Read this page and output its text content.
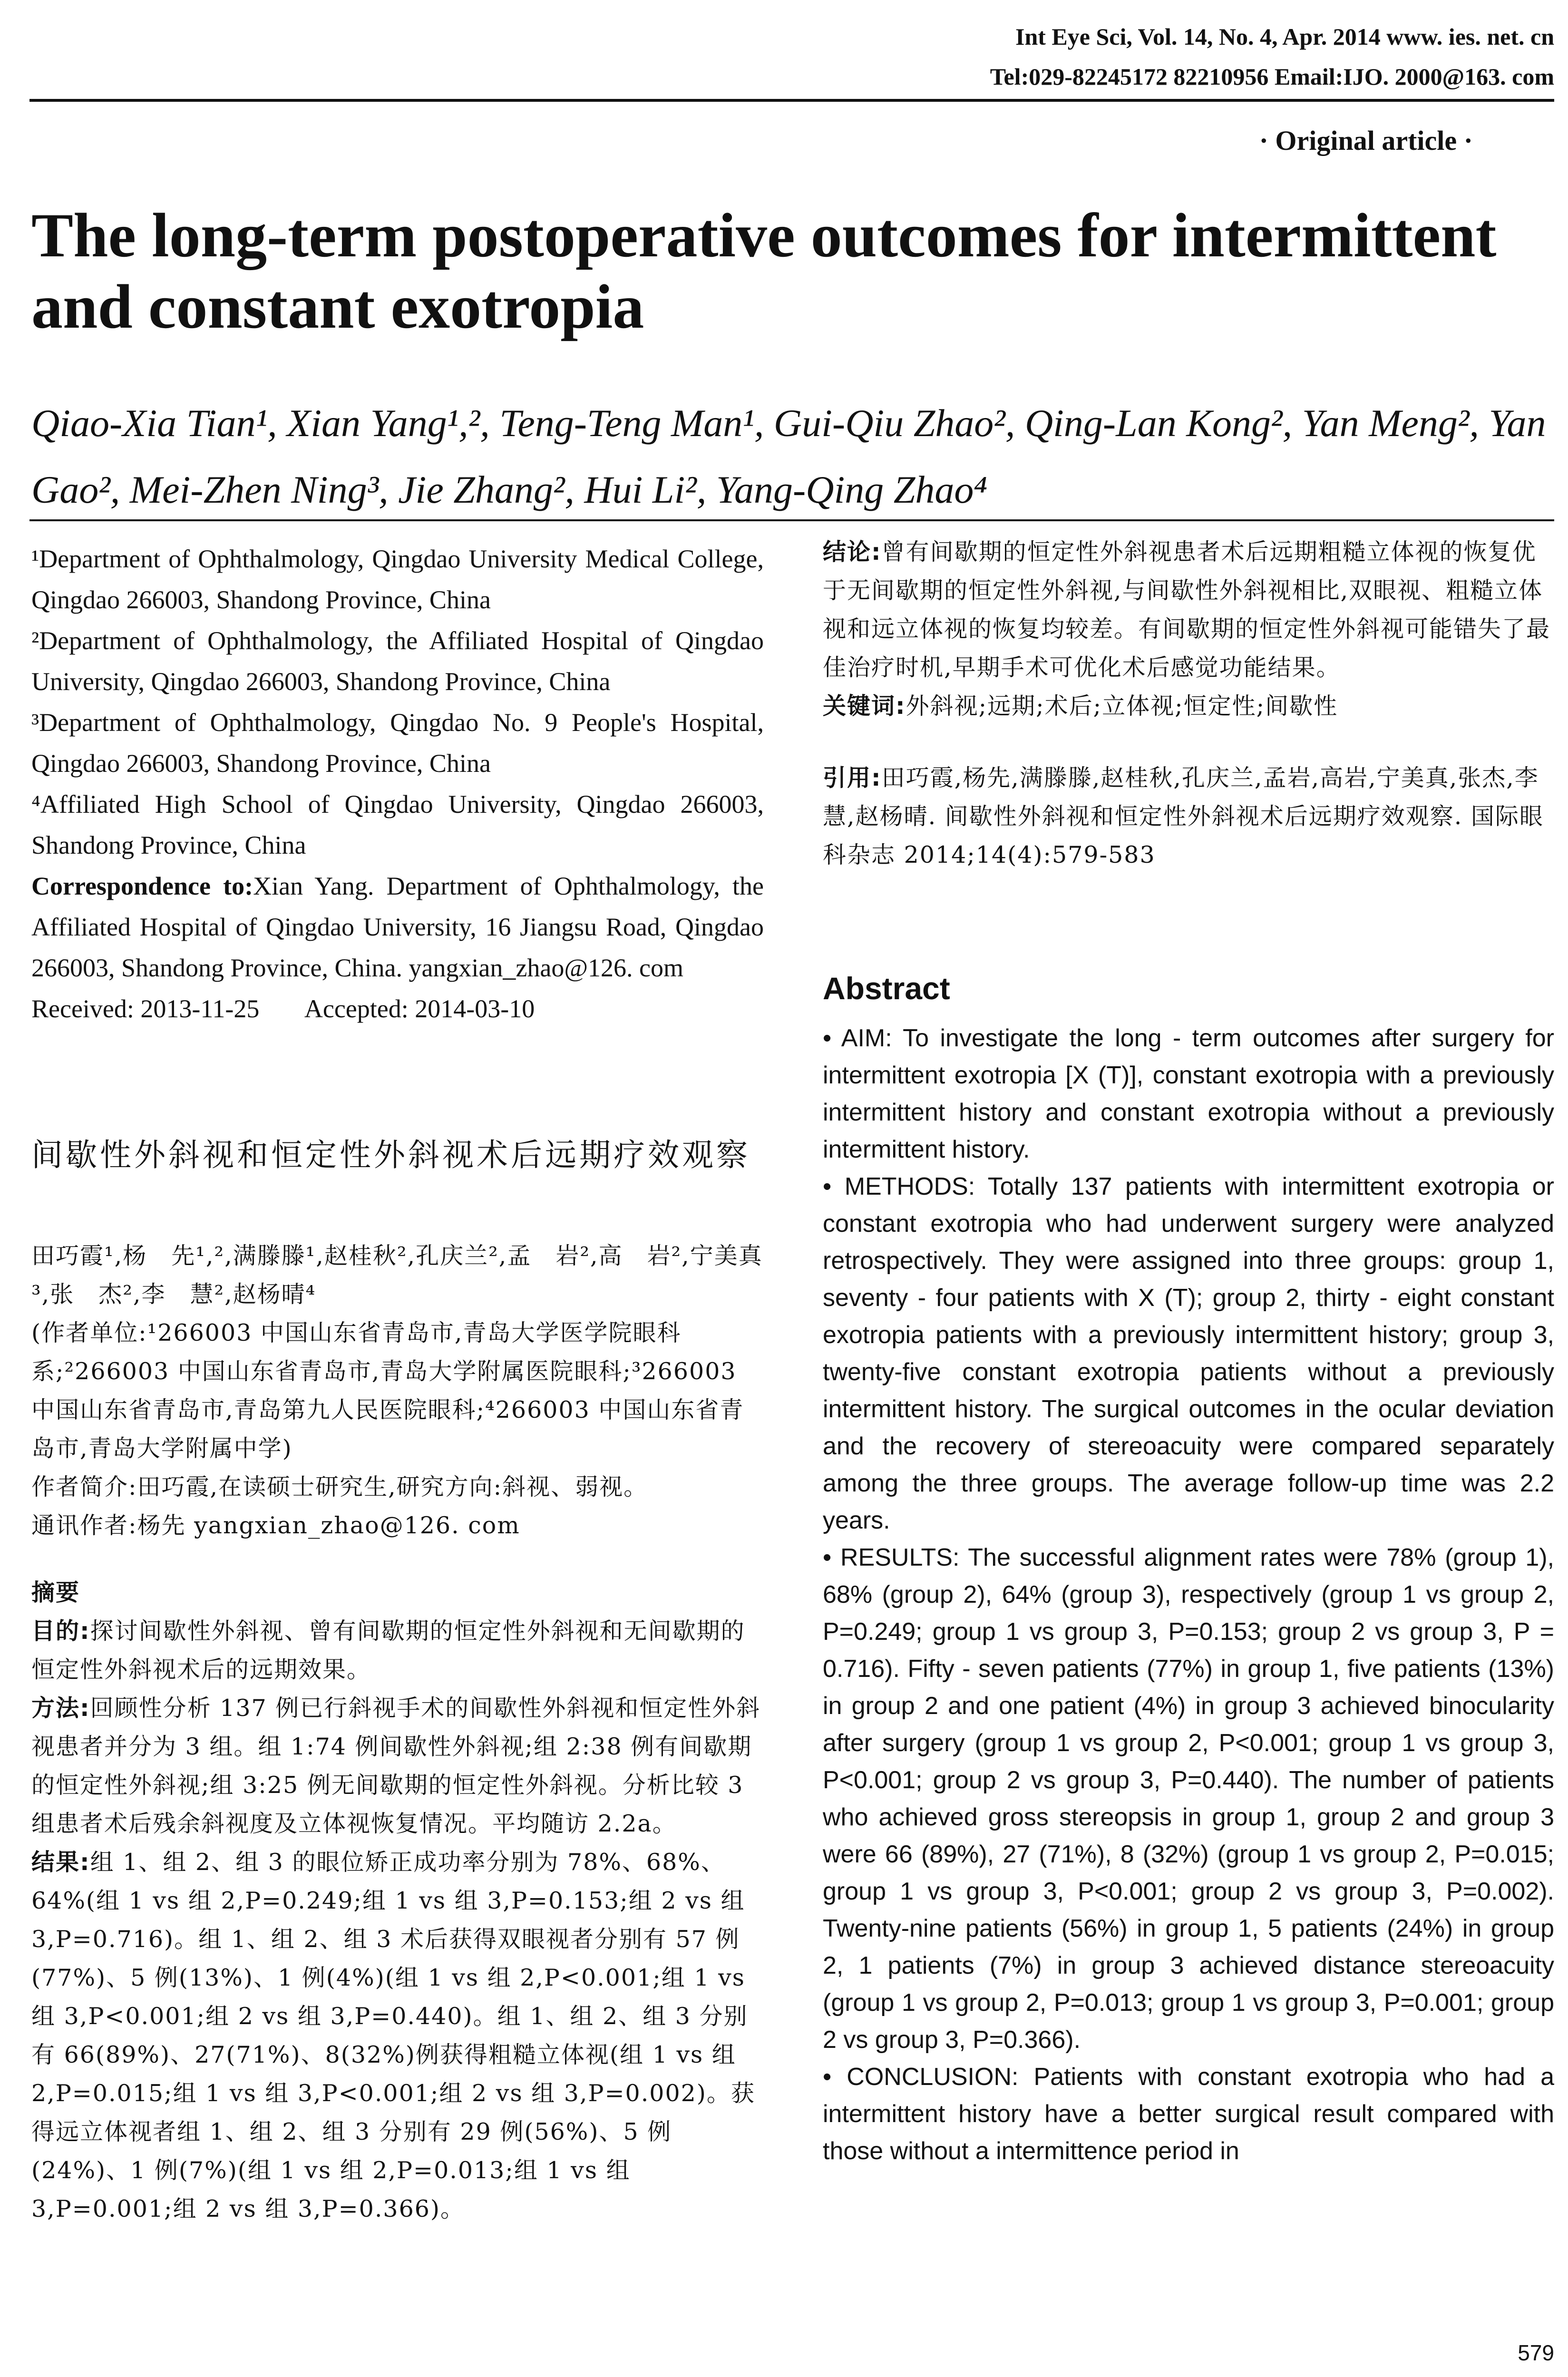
Int Eye Sci, Vol. 14, No. 4, Apr. 2014 www. ies. net. cn
Tel:029-82245172 82210956 Email:IJO. 2000@163. com
· Original article ·
The long-term postoperative outcomes for intermittent and constant exotropia
Qiao-Xia Tian¹, Xian Yang¹,², Teng-Teng Man¹, Gui-Qiu Zhao², Qing-Lan Kong², Yan Meng², Yan Gao², Mei-Zhen Ning³, Jie Zhang², Hui Li², Yang-Qing Zhao⁴

¹Department of Ophthalmology, Qingdao University Medical College, Qingdao 266003, Shandong Province, China

²Department of Ophthalmology, the Affiliated Hospital of Qingdao University, Qingdao 266003, Shandong Province, China

³Department of Ophthalmology, Qingdao No. 9 People's Hospital, Qingdao 266003, Shandong Province, China

⁴Affiliated High School of Qingdao University, Qingdao 266003, Shandong Province, China

Correspondence to:Xian Yang. Department of Ophthalmology, the Affiliated Hospital of Qingdao University, 16 Jiangsu Road, Qingdao 266003, Shandong Province, China. yangxian_zhao@126. com

Received: 2013-11-25 Accepted: 2014-03-10

间歇性外斜视和恒定性外斜视术后远期疗效观察

田巧霞¹,杨　先¹,²,满滕滕¹,赵桂秋²,孔庆兰²,孟　岩²,高　岩²,宁美真³,张　杰²,李　慧²,赵杨晴⁴

(作者单位:¹266003 中国山东省青岛市,青岛大学医学院眼科系;²266003 中国山东省青岛市,青岛大学附属医院眼科;³266003 中国山东省青岛市,青岛第九人民医院眼科;⁴266003 中国山东省青岛市,青岛大学附属中学)

作者简介:田巧霞,在读硕士研究生,研究方向:斜视、弱视。

通讯作者:杨先 yangxian_zhao@126. com

摘要

目的:探讨间歇性外斜视、曾有间歇期的恒定性外斜视和无间歇期的恒定性外斜视术后的远期效果。

方法:回顾性分析 137 例已行斜视手术的间歇性外斜视和恒定性外斜视患者并分为 3 组。组 1:74 例间歇性外斜视;组 2:38 例有间歇期的恒定性外斜视;组 3:25 例无间歇期的恒定性外斜视。分析比较 3 组患者术后残余斜视度及立体视恢复情况。平均随访 2.2a。

结果:组 1、组 2、组 3 的眼位矫正成功率分别为 78%、68%、64%(组 1 vs 组 2,P=0.249;组 1 vs 组 3,P=0.153;组 2 vs 组 3,P=0.716)。组 1、组 2、组 3 术后获得双眼视者分别有 57 例(77%)、5 例(13%)、1 例(4%)(组 1 vs 组 2,P<0.001;组 1 vs 组 3,P<0.001;组 2 vs 组 3,P=0.440)。组 1、组 2、组 3 分别有 66(89%)、27(71%)、8(32%)例获得粗糙立体视(组 1 vs 组 2,P=0.015;组 1 vs 组 3,P<0.001;组 2 vs 组 3,P=0.002)。获得远立体视者组 1、组 2、组 3 分别有 29 例(56%)、5 例(24%)、1 例(7%)(组 1 vs 组 2,P=0.013;组 1 vs 组 3,P=0.001;组 2 vs 组 3,P=0.366)。

结论:曾有间歇期的恒定性外斜视患者术后远期粗糙立体视的恢复优于无间歇期的恒定性外斜视,与间歇性外斜视相比,双眼视、粗糙立体视和远立体视的恢复均较差。有间歇期的恒定性外斜视可能错失了最佳治疗时机,早期手术可优化术后感觉功能结果。

关键词:外斜视;远期;术后;立体视;恒定性;间歇性

引用:田巧霞,杨先,满滕滕,赵桂秋,孔庆兰,孟岩,高岩,宁美真,张杰,李慧,赵杨晴. 间歇性外斜视和恒定性外斜视术后远期疗效观察. 国际眼科杂志 2014;14(4):579-583

Abstract

• AIM: To investigate the long - term outcomes after surgery for intermittent exotropia [X (T)], constant exotropia with a previously intermittent history and constant exotropia without a previously intermittent history.

• METHODS: Totally 137 patients with intermittent exotropia or constant exotropia who had underwent surgery were analyzed retrospectively. They were assigned into three groups: group 1, seventy - four patients with X (T); group 2, thirty - eight constant exotropia patients with a previously intermittent history; group 3, twenty-five constant exotropia patients without a previously intermittent history. The surgical outcomes in the ocular deviation and the recovery of stereoacuity were compared separately among the three groups. The average follow-up time was 2.2 years.

• RESULTS: The successful alignment rates were 78% (group 1), 68% (group 2), 64% (group 3), respectively (group 1 vs group 2, P=0.249; group 1 vs group 3, P=0.153; group 2 vs group 3, P = 0.716). Fifty - seven patients (77%) in group 1, five patients (13%) in group 2 and one patient (4%) in group 3 achieved binocularity after surgery (group 1 vs group 2, P<0.001; group 1 vs group 3, P<0.001; group 2 vs group 3, P=0.440). The number of patients who achieved gross stereopsis in group 1, group 2 and group 3 were 66 (89%), 27 (71%), 8 (32%) (group 1 vs group 2, P=0.015; group 1 vs group 3, P<0.001; group 2 vs group 3, P=0.002). Twenty-nine patients (56%) in group 1, 5 patients (24%) in group 2, 1 patients (7%) in group 3 achieved distance stereoacuity (group 1 vs group 2, P=0.013; group 1 vs group 3, P=0.001; group 2 vs group 3, P=0.366).

• CONCLUSION: Patients with constant exotropia who had a intermittent history have a better surgical result compared with those without a intermittence period in

579
